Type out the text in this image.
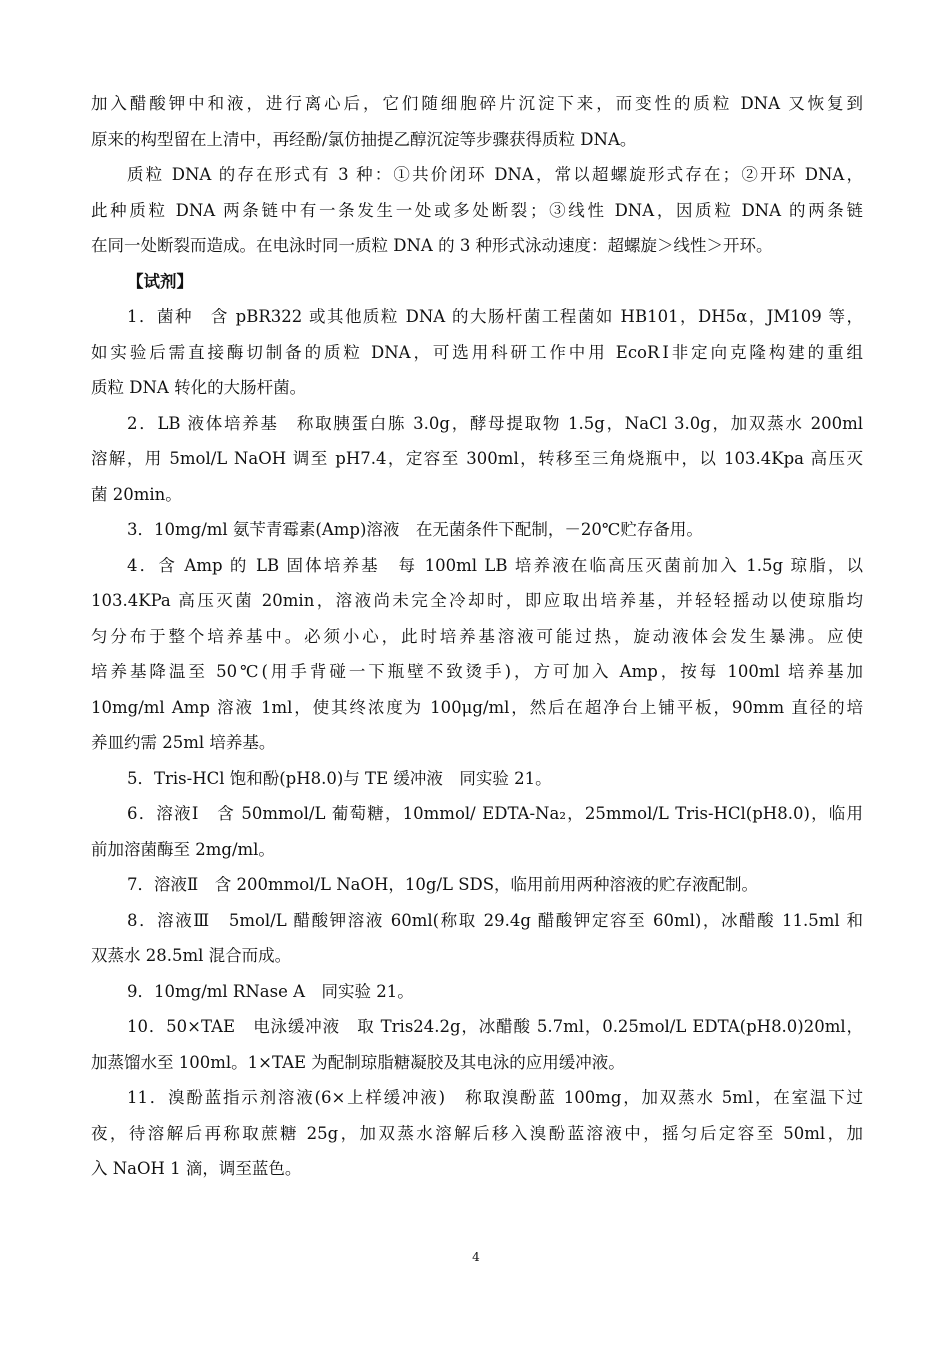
加入醋酸钾中和液，进行离心后，它们随细胞碎片沉淀下来，而变性的质粒 DNA 又恢复到
原来的构型留在上清中，再经酚/氯仿抽提乙醇沉淀等步骤获得质粒 DNA。
质粒 DNA 的存在形式有 3 种：①共价闭环 DNA，常以超螺旋形式存在；②开环 DNA，
此种质粒 DNA 两条链中有一条发生一处或多处断裂；③线性 DNA，因质粒 DNA 的两条链
在同一处断裂而造成。在电泳时同一质粒 DNA 的 3 种形式泳动速度：超螺旋＞线性＞开环。
【试剂】
1．菌种　含 pBR322 或其他质粒 DNA 的大肠杆菌工程菌如 HB101，DH5α，JM109 等，
如实验后需直接酶切制备的质粒 DNA，可选用科研工作中用 EcoRⅠ非定向克隆构建的重组
质粒 DNA 转化的大肠杆菌。
2．LB 液体培养基　称取胰蛋白胨 3.0g，酵母提取物 1.5g，NaCl 3.0g，加双蒸水 200ml
溶解，用 5mol/L NaOH 调至 pH7.4，定容至 300ml，转移至三角烧瓶中，以 103.4Kpa 高压灭
菌 20min。
3．10mg/ml 氨苄青霉素(Amp)溶液　在无菌条件下配制，－20℃贮存备用。
4．含 Amp 的 LB 固体培养基　每 100ml LB 培养液在临高压灭菌前加入 1.5g 琼脂，以
103.4KPa 高压灭菌 20min，溶液尚未完全冷却时，即应取出培养基，并轻轻摇动以使琼脂均
匀分布于整个培养基中。必须小心，此时培养基溶液可能过热，旋动液体会发生暴沸。应使
培养基降温至 50℃(用手背碰一下瓶壁不致烫手)，方可加入 Amp，按每 100ml 培养基加
10mg/ml Amp 溶液 1ml，使其终浓度为 100μg/ml，然后在超净台上铺平板，90mm 直径的培
养皿约需 25ml 培养基。
5．Tris-HCl 饱和酚(pH8.0)与 TE 缓冲液　同实验 21。
6．溶液Ⅰ　含 50mmol/L 葡萄糖，10mmol/ EDTA-Na₂，25mmol/L Tris-HCl(pH8.0)，临用
前加溶菌酶至 2mg/ml。
7．溶液Ⅱ　含 200mmol/L NaOH，10g/L SDS，临用前用两种溶液的贮存液配制。
8．溶液Ⅲ　5mol/L 醋酸钾溶液 60ml(称取 29.4g 醋酸钾定容至 60ml)，冰醋酸 11.5ml 和
双蒸水 28.5ml 混合而成。
9．10mg/ml RNase A　同实验 21。
10．50×TAE　电泳缓冲液　取 Tris24.2g，冰醋酸 5.7ml，0.25mol/L EDTA(pH8.0)20ml，
加蒸馏水至 100ml。1×TAE 为配制琼脂糖凝胶及其电泳的应用缓冲液。
11．溴酚蓝指示剂溶液(6×上样缓冲液)　称取溴酚蓝 100mg，加双蒸水 5ml，在室温下过
夜，待溶解后再称取蔗糖 25g，加双蒸水溶解后移入溴酚蓝溶液中，摇匀后定容至 50ml，加
入 NaOH 1 滴，调至蓝色。
4
